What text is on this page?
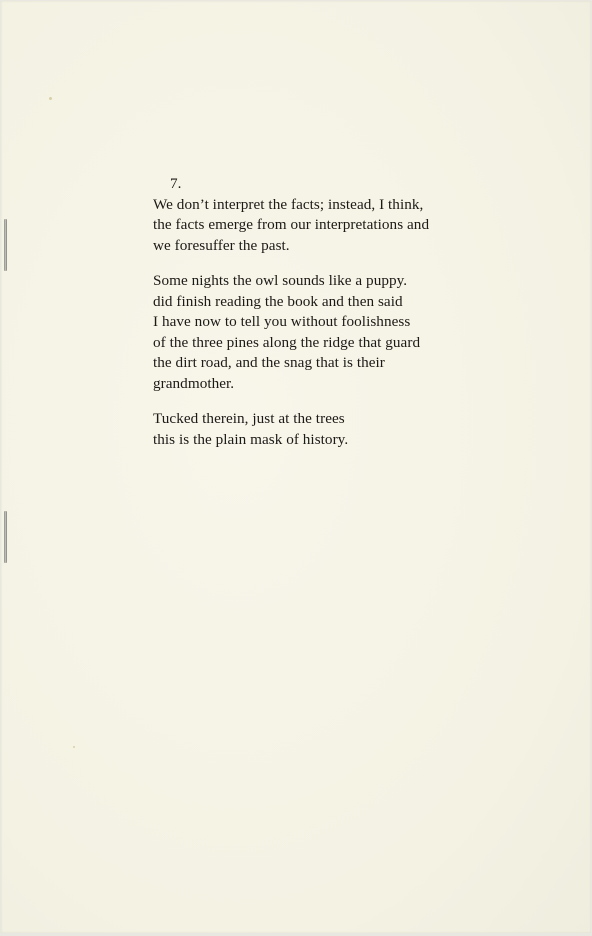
7.
We don’t interpret the facts; instead, I think,
the facts emerge from our interpretations and
we foresuffer the past.
Some nights the owl sounds like a puppy.
did finish reading the book and then said
I have now to tell you without foolishness
of the three pines along the ridge that guard
the dirt road, and the snag that is their
grandmother.
Tucked therein, just at the trees
this is the plain mask of history.
